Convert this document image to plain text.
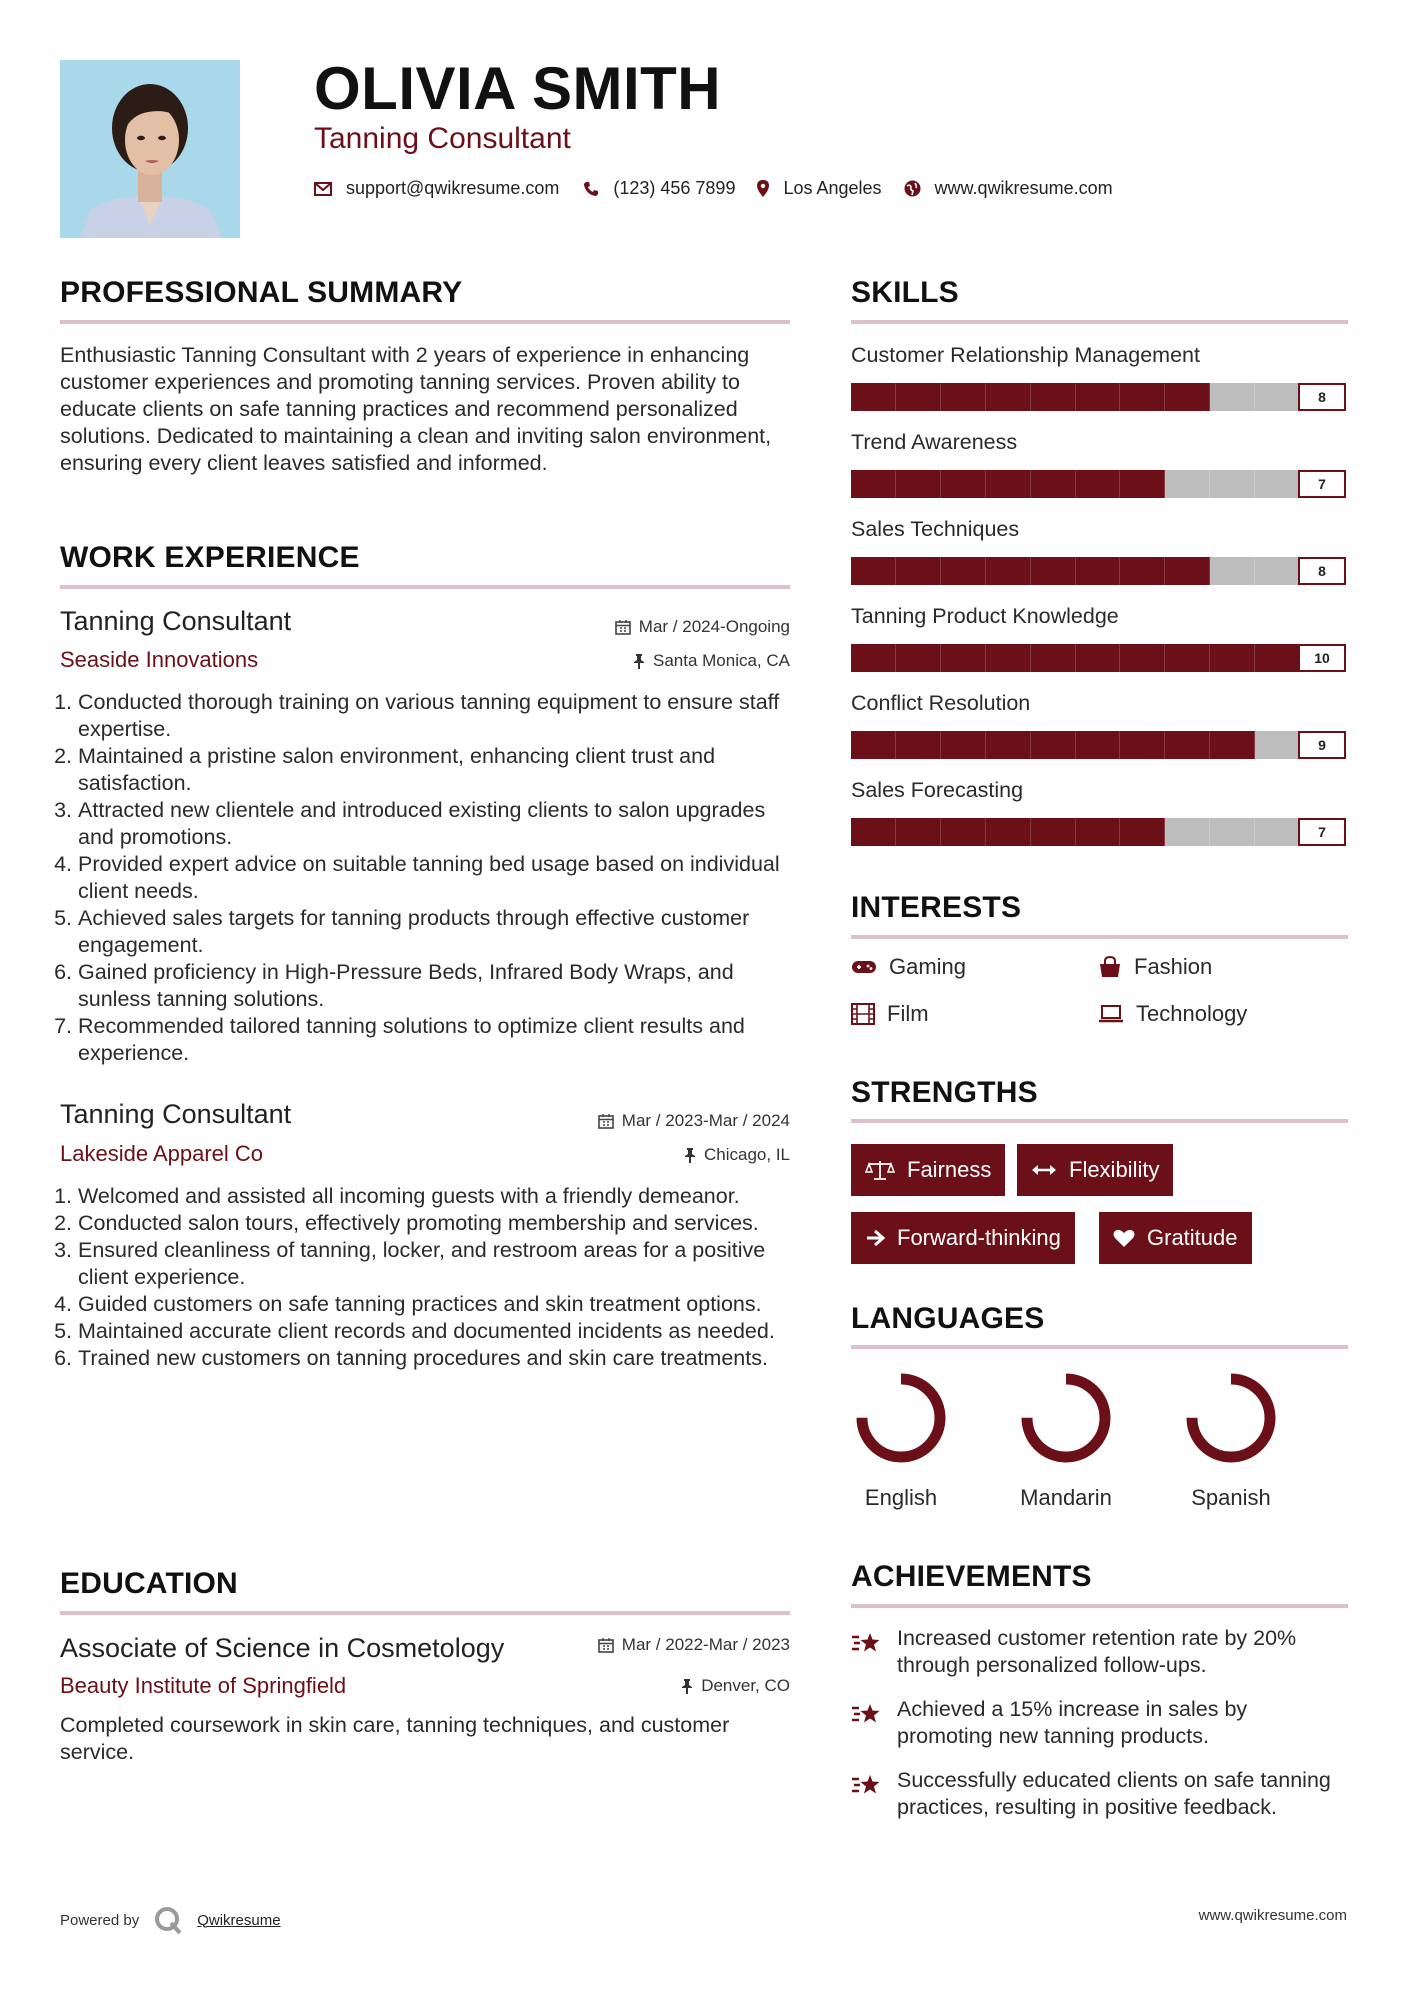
OLIVIA SMITH
Tanning Consultant
support@qwikresume.com	(123) 456 7899	Los Angeles	www.qwikresume.com
PROFESSIONAL SUMMARY
Enthusiastic Tanning Consultant with 2 years of experience in enhancing customer experiences and promoting tanning services. Proven ability to educate clients on safe tanning practices and recommend personalized solutions. Dedicated to maintaining a clean and inviting salon environment, ensuring every client leaves satisfied and informed.
WORK EXPERIENCE
Tanning Consultant	Mar / 2024-Ongoing
Seaside Innovations	Santa Monica, CA
1. Conducted thorough training on various tanning equipment to ensure staff expertise.
2. Maintained a pristine salon environment, enhancing client trust and satisfaction.
3. Attracted new clientele and introduced existing clients to salon upgrades and promotions.
4. Provided expert advice on suitable tanning bed usage based on individual client needs.
5. Achieved sales targets for tanning products through effective customer engagement.
6. Gained proficiency in High-Pressure Beds, Infrared Body Wraps, and sunless tanning solutions.
7. Recommended tailored tanning solutions to optimize client results and experience.
Tanning Consultant	Mar / 2023-Mar / 2024
Lakeside Apparel Co	Chicago, IL
1. Welcomed and assisted all incoming guests with a friendly demeanor.
2. Conducted salon tours, effectively promoting membership and services.
3. Ensured cleanliness of tanning, locker, and restroom areas for a positive client experience.
4. Guided customers on safe tanning practices and skin treatment options.
5. Maintained accurate client records and documented incidents as needed.
6. Trained new customers on tanning procedures and skin care treatments.
EDUCATION
Associate of Science in Cosmetology	Mar / 2022-Mar / 2023
Beauty Institute of Springfield	Denver, CO
Completed coursework in skin care, tanning techniques, and customer service.
SKILLS
Customer Relationship Management
8
Trend Awareness
7
Sales Techniques
8
Tanning Product Knowledge
10
Conflict Resolution
9
Sales Forecasting
7
INTERESTS
Gaming	Fashion
Film	Technology
STRENGTHS
Fairness	Flexibility
Forward-thinking	Gratitude
LANGUAGES
English	Mandarin	Spanish
ACHIEVEMENTS
Increased customer retention rate by 20% through personalized follow-ups.
Achieved a 15% increase in sales by promoting new tanning products.
Successfully educated clients on safe tanning practices, resulting in positive feedback.
Powered by	Qwikresume	www.qwikresume.com
